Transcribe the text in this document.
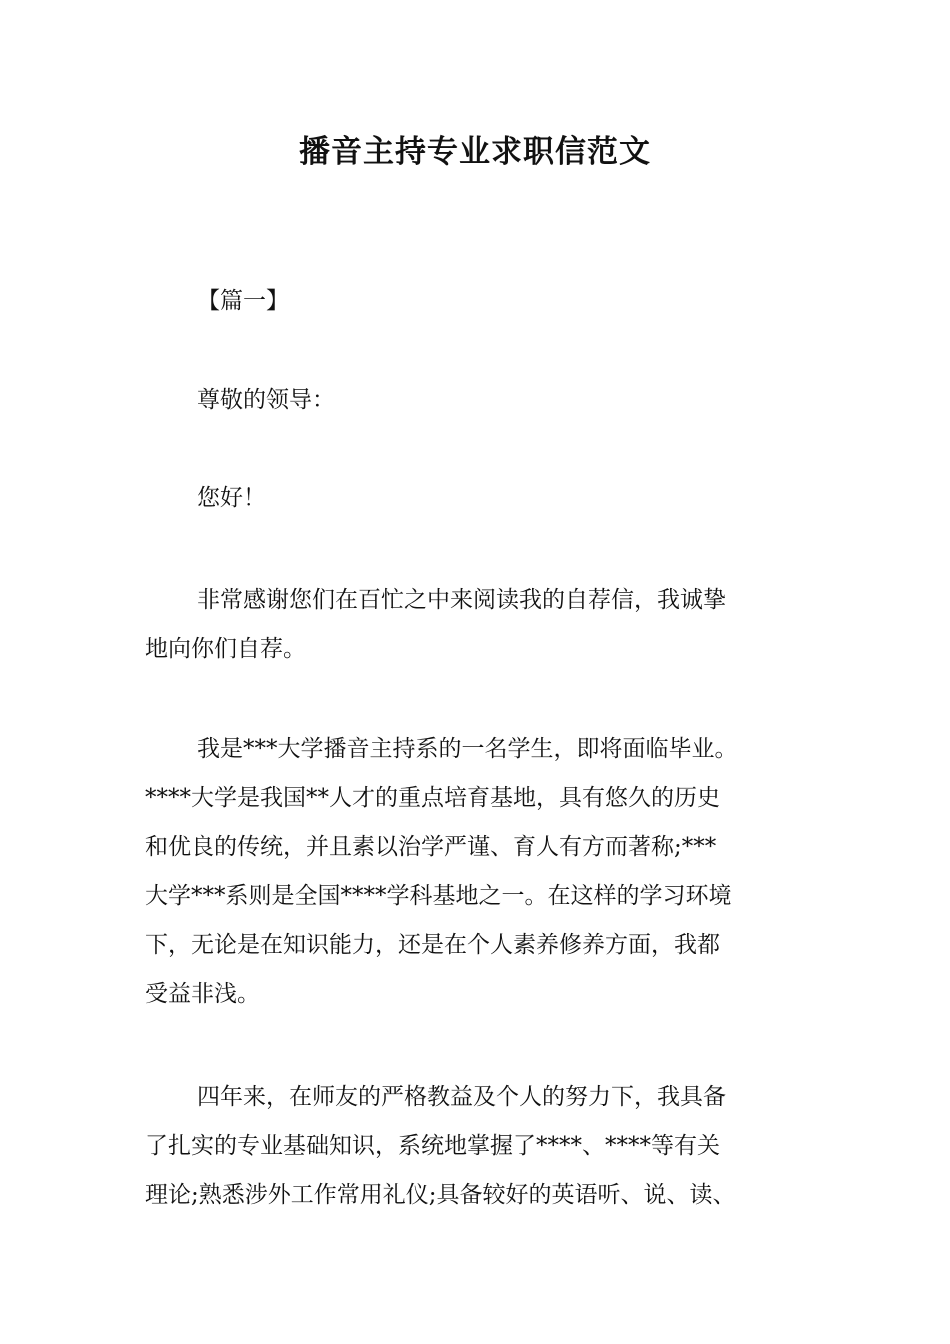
播音主持专业求职信范文

【篇一】

尊敬的领导：

您好！

非常感谢您们在百忙之中来阅读我的自荐信，我诚挚
地向你们自荐。

我是***大学播音主持系的一名学生，即将面临毕业。
****大学是我国**人才的重点培育基地，具有悠久的历史
和优良的传统，并且素以治学严谨、育人有方而著称;***
大学***系则是全国****学科基地之一。在这样的学习环境
下，无论是在知识能力，还是在个人素养修养方面，我都
受益非浅。

四年来，在师友的严格教益及个人的努力下，我具备
了扎实的专业基础知识，系统地掌握了****、****等有关
理论;熟悉涉外工作常用礼仪;具备较好的英语听、说、读、
